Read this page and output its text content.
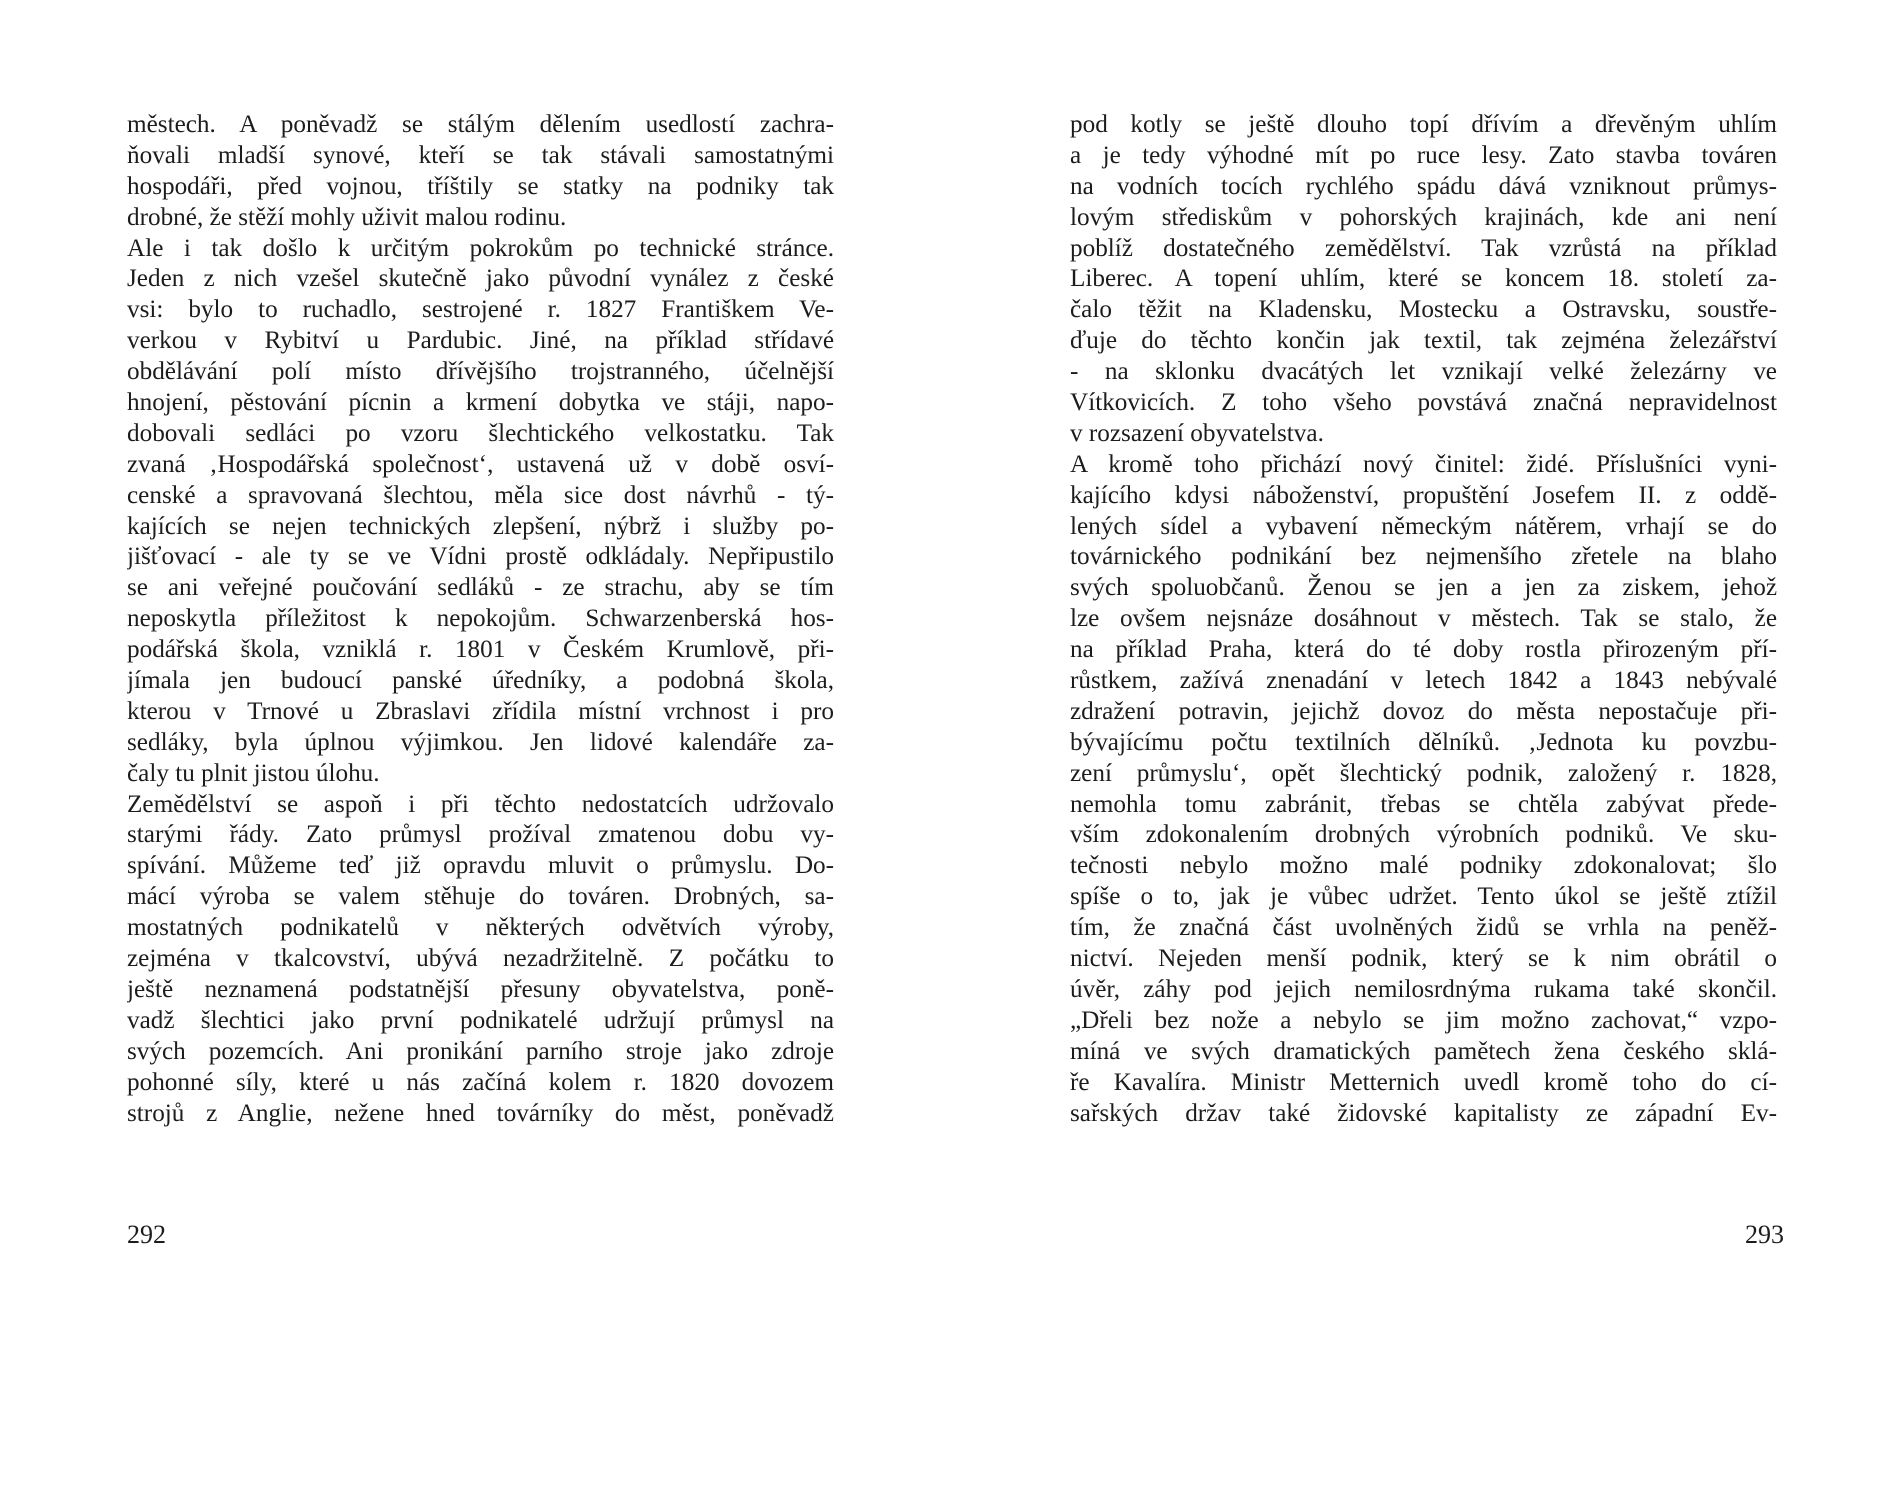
městech. A poněvadž se stálým dělením usedlostí zachra-
ňovali mladší synové, kteří se tak stávali samostatnými
hospodáři, před vojnou, tříštily se statky na podniky tak
drobné, že stěží mohly uživit malou rodinu.
Ale i tak došlo k určitým pokrokům po technické stránce.
Jeden z nich vzešel skutečně jako původní vynález z české
vsi: bylo to ruchadlo, sestrojené r. 1827 Františkem Ve-
verkou v Rybitví u Pardubic. Jiné, na příklad střídavé
obdělávání polí místo dřívějšího trojstranného, účelnější
hnojení, pěstování pícnin a krmení dobytka ve stáji, napo-
dobovali sedláci po vzoru šlechtického velkostatku. Tak
zvaná ‚Hospodářská společnost‘, ustavená už v době osví-
censké a spravovaná šlechtou, měla sice dost návrhů - tý-
kajících se nejen technických zlepšení, nýbrž i služby po-
jišťovací - ale ty se ve Vídni prostě odkládaly. Nepřipustilo
se ani veřejné poučování sedláků - ze strachu, aby se tím
neposkytla příležitost k nepokojům. Schwarzenberská hos-
podářská škola, vzniklá r. 1801 v Českém Krumlově, při-
jímala jen budoucí panské úředníky, a podobná škola,
kterou v Trnové u Zbraslavi zřídila místní vrchnost i pro
sedláky, byla úplnou výjimkou. Jen lidové kalendáře za-
čaly tu plnit jistou úlohu.
Zemědělství se aspoň i při těchto nedostatcích udržovalo
starými řády. Zato průmysl prožíval zmatenou dobu vy-
spívání. Můžeme teď již opravdu mluvit o průmyslu. Do-
mácí výroba se valem stěhuje do továren. Drobných, sa-
mostatných podnikatelů v některých odvětvích výroby,
zejména v tkalcovství, ubývá nezadržitelně. Z počátku to
ještě neznamená podstatnější přesuny obyvatelstva, poně-
vadž šlechtici jako první podnikatelé udržují průmysl na
svých pozemcích. Ani pronikání parního stroje jako zdroje
pohonné síly, které u nás začíná kolem r. 1820 dovozem
strojů z Anglie, nežene hned továrníky do měst, poněvadž
292
pod kotly se ještě dlouho topí dřívím a dřevěným uhlím
a je tedy výhodné mít po ruce lesy. Zato stavba továren
na vodních tocích rychlého spádu dává vzniknout průmys-
lovým střediskům v pohorských krajinách, kde ani není
poblíž dostatečného zemědělství. Tak vzrůstá na příklad
Liberec. A topení uhlím, které se koncem 18. století za-
čalo těžit na Kladensku, Mostecku a Ostravsku, soustře-
ďuje do těchto končin jak textil, tak zejména železářství
- na sklonku dvacátých let vznikají velké železárny ve
Vítkovicích. Z toho všeho povstává značná nepravidelnost
v rozsazení obyvatelstva.
A kromě toho přichází nový činitel: židé. Příslušníci vyni-
kajícího kdysi náboženství, propuštění Josefem II. z oddě-
lených sídel a vybavení německým nátěrem, vrhají se do
továrnického podnikání bez nejmenšího zřetele na blaho
svých spoluobčanů. Ženou se jen a jen za ziskem, jehož
lze ovšem nejsnáze dosáhnout v městech. Tak se stalo, že
na příklad Praha, která do té doby rostla přirozeným pří-
růstkem, zažívá znenadání v letech 1842 a 1843 nebývalé
zdražení potravin, jejichž dovoz do města nepostačuje při-
bývajícímu počtu textilních dělníků. ‚Jednota ku povzbu-
zení průmyslu‘, opět šlechtický podnik, založený r. 1828,
nemohla tomu zabránit, třebas se chtěla zabývat přede-
vším zdokonalením drobných výrobních podniků. Ve sku-
tečnosti nebylo možno malé podniky zdokonalovat; šlo
spíše o to, jak je vůbec udržet. Tento úkol se ještě ztížil
tím, že značná část uvolněných židů se vrhla na peněž-
nictví. Nejeden menší podnik, který se k nim obrátil o
úvěr, záhy pod jejich nemilosrdnýma rukama také skončil.
„Dřeli bez nože a nebylo se jim možno zachovat,“ vzpo-
míná ve svých dramatických pamětech žena českého sklá-
ře Kavalíra. Ministr Metternich uvedl kromě toho do cí-
sařských držav také židovské kapitalisty ze západní Ev-
293
